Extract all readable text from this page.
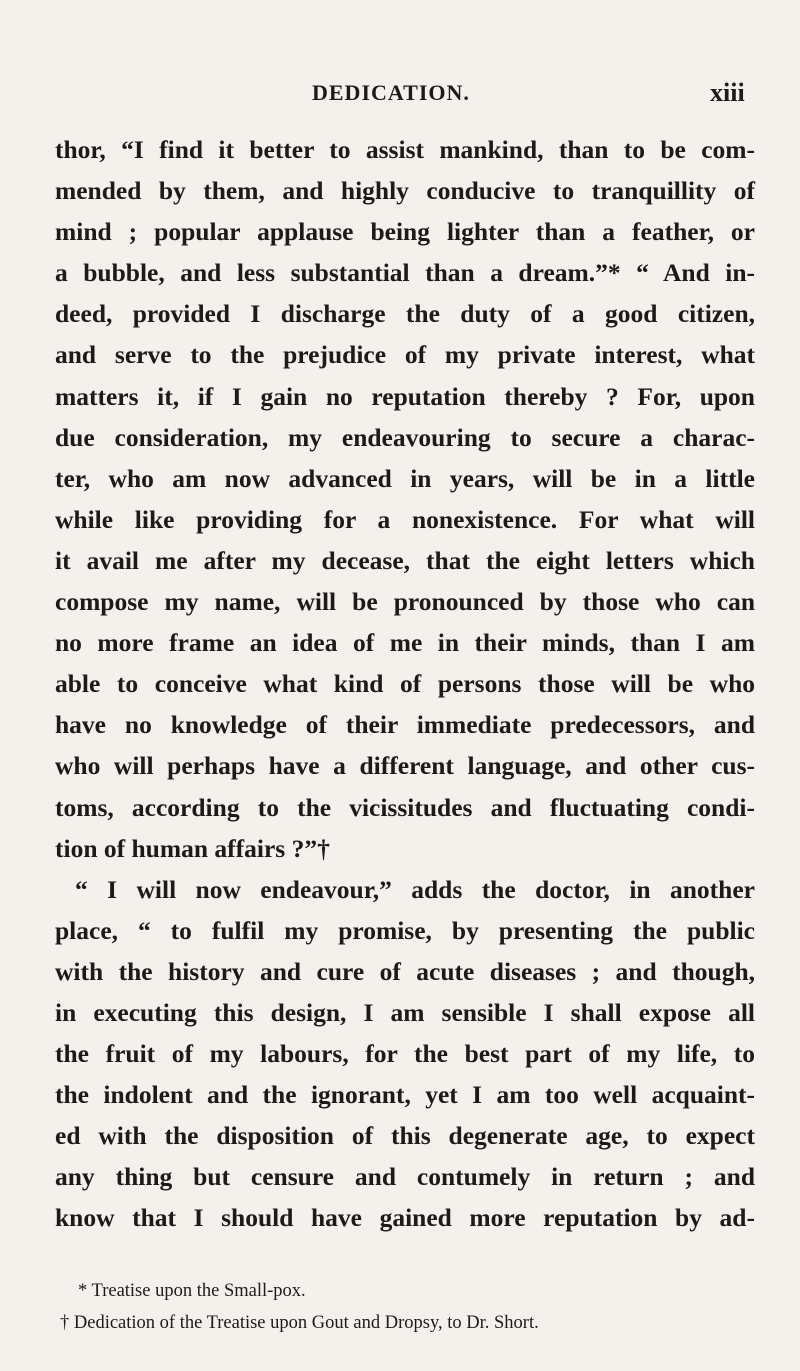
DEDICATION.	xiii
thor, “I find it better to assist mankind, than to be com-
mended by them, and highly conducive to tranquillity of
mind ; popular applause being lighter than a feather, or
a bubble, and less substantial than a dream.”* “ And in-
deed, provided I discharge the duty of a good citizen,
and serve to the prejudice of my private interest, what
matters it, if I gain no reputation thereby ? For, upon
due consideration, my endeavouring to secure a charac-
ter, who am now advanced in years, will be in a little
while like providing for a nonexistence. For what will
it avail me after my decease, that the eight letters which
compose my name, will be pronounced by those who can
no more frame an idea of me in their minds, than I am
able to conceive what kind of persons those will be who
have no knowledge of their immediate predecessors, and
who will perhaps have a different language, and other cus-
toms, according to the vicissitudes and fluctuating condi-
tion of human affairs ?”†
“ I will now endeavour,” adds the doctor, in another
place, “ to fulfil my promise, by presenting the public
with the history and cure of acute diseases ; and though,
in executing this design, I am sensible I shall expose all
the fruit of my labours, for the best part of my life, to
the indolent and the ignorant, yet I am too well acquaint-
ed with the disposition of this degenerate age, to expect
any thing but censure and contumely in return ; and
know that I should have gained more reputation by ad-
* Treatise upon the Small-pox.
† Dedication of the Treatise upon Gout and Dropsy, to Dr. Short.
